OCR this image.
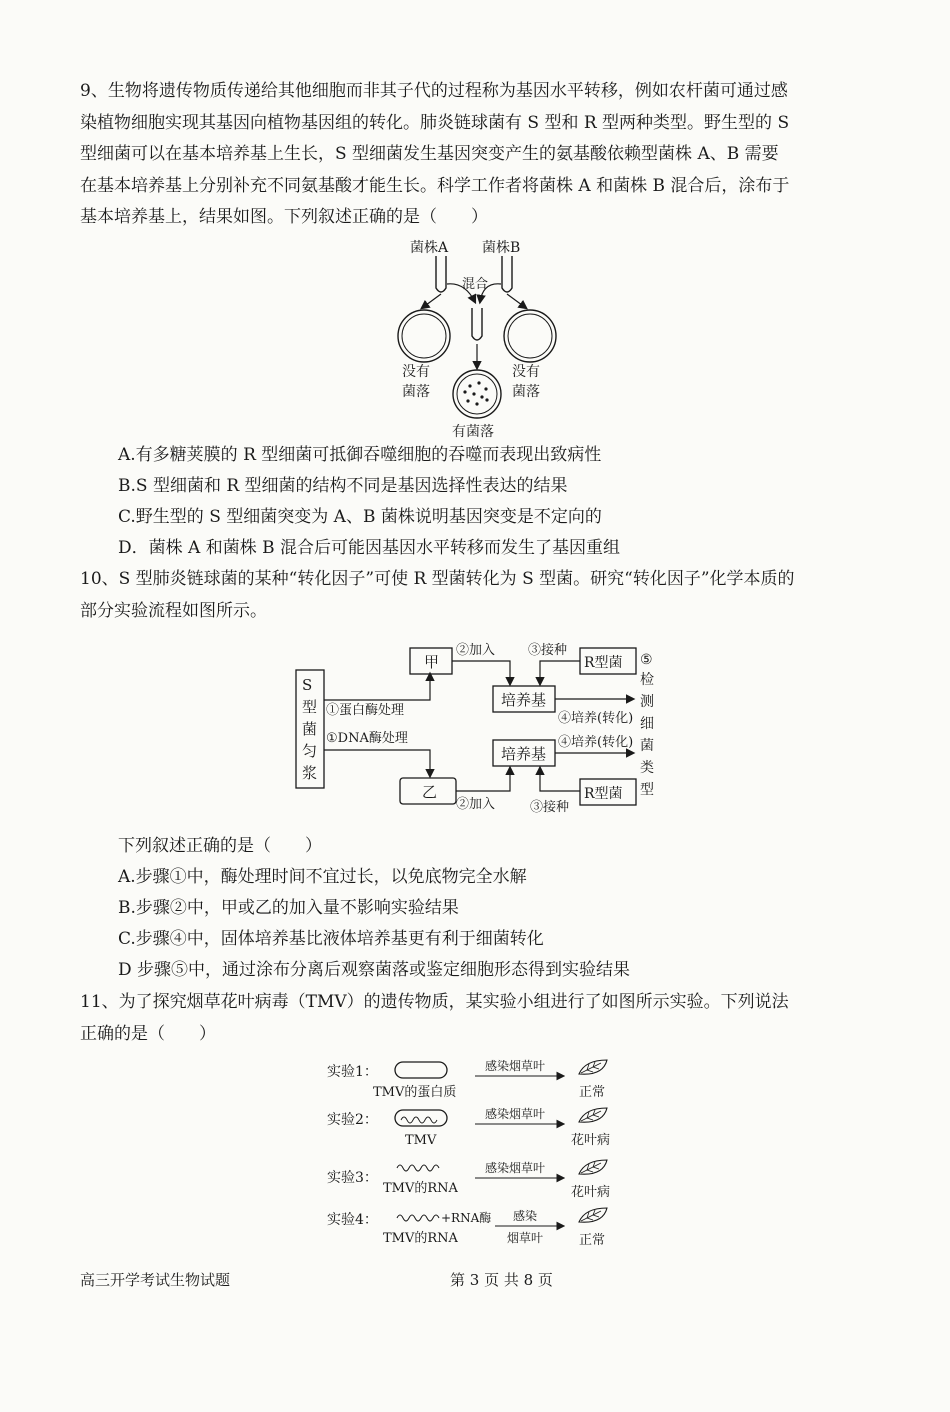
9、生物将遗传物质传递给其他细胞而非其子代的过程称为基因水平转移，例如农杆菌可通过感
染植物细胞实现其基因向植物基因组的转化。肺炎链球菌有 S 型和 R 型两种类型。野生型的 S
型细菌可以在基本培养基上生长，S 型细菌发生基因突变产生的氨基酸依赖型菌株 A、B 需要
在基本培养基上分别补充不同氨基酸才能生长。科学工作者将菌株 A 和菌株 B 混合后，涂布于
基本培养基上，结果如图。下列叙述正确的是（　　）
菌株A 菌株B
混合
没有
菌落
没有
菌落
有菌落
A.有多糖荚膜的 R 型细菌可抵御吞噬细胞的吞噬而表现出致病性
B.S 型细菌和 R 型细菌的结构不同是基因选择性表达的结果
C.野生型的 S 型细菌突变为 A、B 菌株说明基因突变是不定向的
D．菌株 A 和菌株 B 混合后可能因基因水平转移而发生了基因重组
10、S 型肺炎链球菌的某种“转化因子”可使 R 型菌转化为 S 型菌。研究“转化因子”化学本质的
部分实验流程如图所示。
S
型
菌
匀
浆
①蛋白酶处理
①DNA酶处理
甲
乙
②加入
②加入
培养基
培养基
R型菌
③接种
R型菌
③接种
④培养(转化)
④培养(转化)
⑤
检
测
细
菌
类
型
下列叙述正确的是（　　）
A.步骤①中，酶处理时间不宜过长，以免底物完全水解
B.步骤②中，甲或乙的加入量不影响实验结果
C.步骤④中，固体培养基比液体培养基更有利于细菌转化
D 步骤⑤中，通过涂布分离后观察菌落或鉴定细胞形态得到实验结果
11、为了探究烟草花叶病毒（TMV）的遗传物质，某实验小组进行了如图所示实验。下列说法
正确的是（　　）
实验1：
TMV的蛋白质
感染烟草叶
正常
实验2：
TMV
感染烟草叶
花叶病
实验3：
TMV的RNA
感染烟草叶
花叶病
实验4：	+RNA酶
TMV的RNA
感染
烟草叶	正常
高三开学考试生物试题	第 3 页 共 8 页
